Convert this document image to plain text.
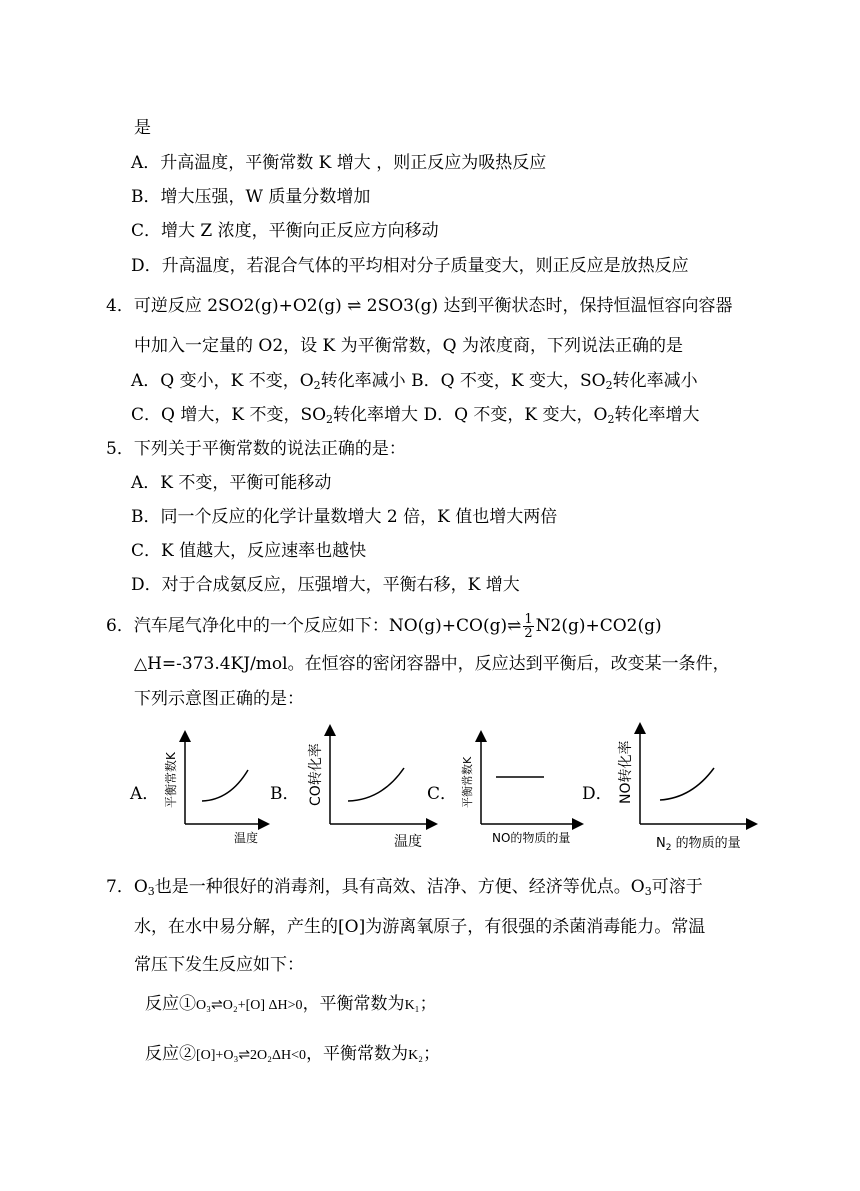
是
A．升高温度，平衡常数 K 增大 ，则正反应为吸热反应
B．增大压强，W 质量分数增加
C．增大 Z 浓度，平衡向正反应方向移动
D．升高温度，若混合气体的平均相对分子质量变大，则正反应是放热反应
4．可逆反应 2SO2(g)+O2(g) ⇌ 2SO3(g) 达到平衡状态时，保持恒温恒容向容器
中加入一定量的 O2，设 K 为平衡常数，Q 为浓度商，下列说法正确的是
A．Q 变小，K 不变，$O_2$转化率减小 B．Q 不变，K 变大，$SO_2$转化率减小
C．Q 增大，K 不变，$SO_2$转化率增大 D．Q 不变，K 变大，$O_2$转化率增大
5．下列关于平衡常数的说法正确的是：
A．K 不变，平衡可能移动
B．同一个反应的化学计量数增大 2 倍，K 值也增大两倍
C．K 值越大，反应速率也越快
D．对于合成氨反应，压强增大，平衡右移，K 增大
6．汽车尾气净化中的一个反应如下：NO(g)+CO(g)⇌ $\frac{1}{2} N2(g)+CO2(g)$
△H=-373.4KJ/mol。在恒容的密闭容器中，反应达到平衡后，改变某一条件，
下列示意图正确的是：
A． 平衡常数K
温度
B． CO转化率
温度
C． 平衡常数K
NO的物质的量
D． NO转化率
$N_2$ 的物质的量
7．$O_3$也是一种很好的消毒剂，具有高效、洁净、方便、经济等优点。$O_3$可溶于
水，在水中易分解，产生的[O]为游离氧原子，有很强的杀菌消毒能力。常温
常压下发生反应如下：
反应①O₃⇌O₂+[O] ΔH>0，平衡常数为K₁；
反应②[O]+O₃⇌2O₂ΔH<0，平衡常数为K₂；
